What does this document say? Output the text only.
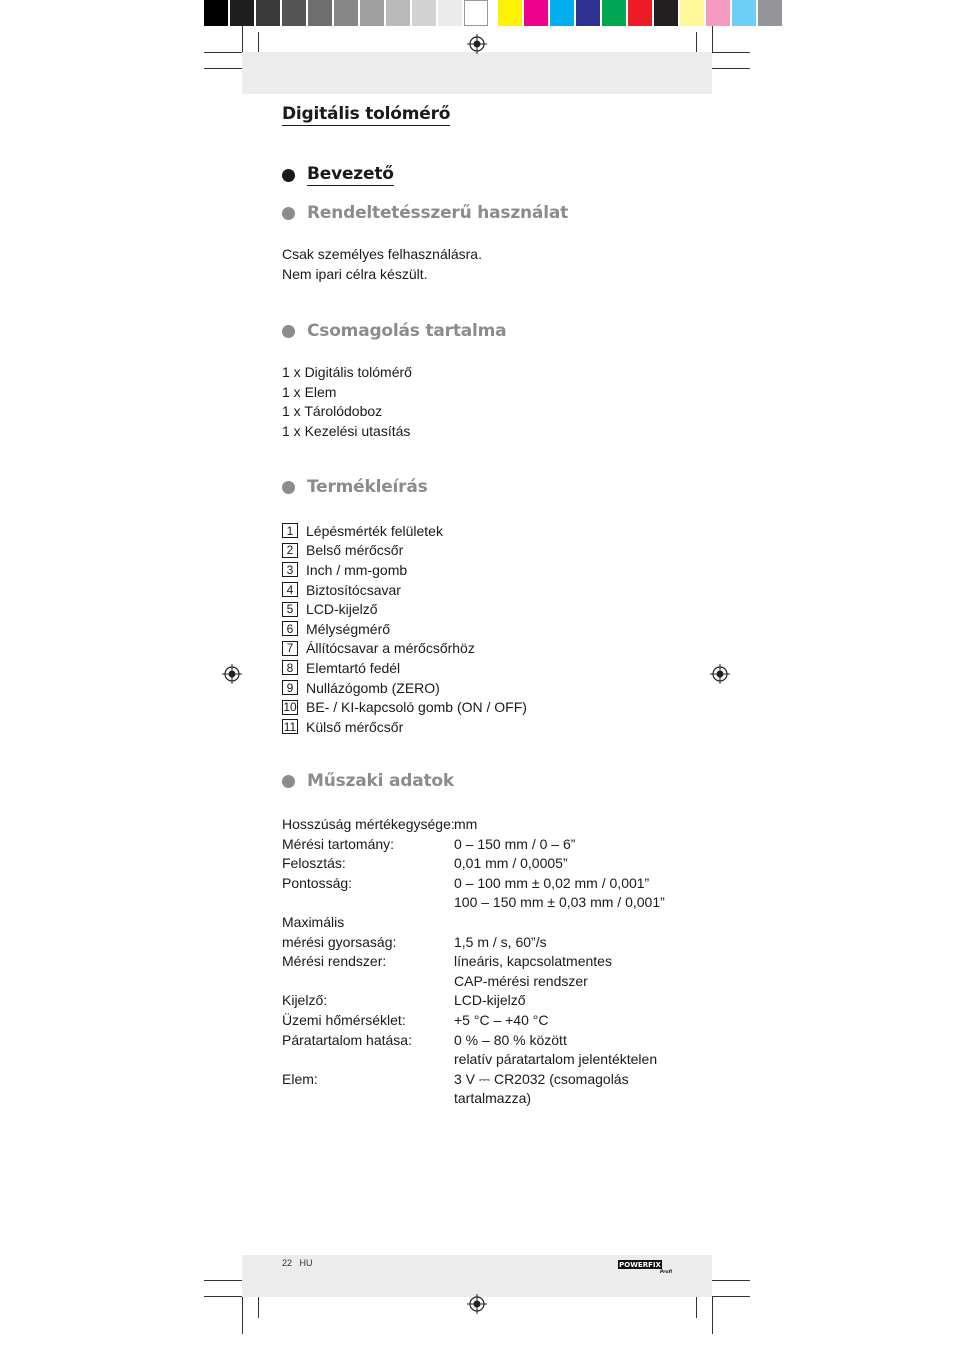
Digitális tolómérő
Bevezető
Rendeltetésszerű használat
Csak személyes felhasználásra.
Nem ipari célra készült.
Csomagolás tartalma
1 x Digitális tolómérő
1 x Elem
1 x Tárolódoboz
1 x Kezelési utasítás
Termékleírás
1 Lépésmérték felületek
2 Belső mérőcsőr
3 Inch / mm-gomb
4 Biztosítócsavar
5 LCD-kijelző
6 Mélységmérő
7 Állítócsavar a mérőcsőrhöz
8 Elemtartó fedél
9 Nullázógomb (ZERO)
10 BE- / KI-kapcsoló gomb (ON / OFF)
11 Külső mérőcsőr
Műszaki adatok
Hosszúság mértékegysége: mm
Mérési tartomány:	0 – 150 mm / 0 – 6”
Felosztás:	0,01 mm / 0,0005”
Pontosság:	0 – 100 mm ± 0,02 mm / 0,001”
100 – 150 mm ± 0,03 mm / 0,001”
Maximális
mérési gyorsaság:	1,5 m / s, 60”/s
Mérési rendszer:	líneáris, kapcsolatmentes
CAP-mérési rendszer
Kijelző:	LCD-kijelző
Üzemi hőmérséklet:	+5 °C – +40 °C
Páratartalom hatása:	0 % – 80 % között
relatív páratartalom jelentéktelen
Elem:	3 V ⎓ CR2032 (csomagolás
tartalmazza)
22 HU	POWERFIX
Profi
